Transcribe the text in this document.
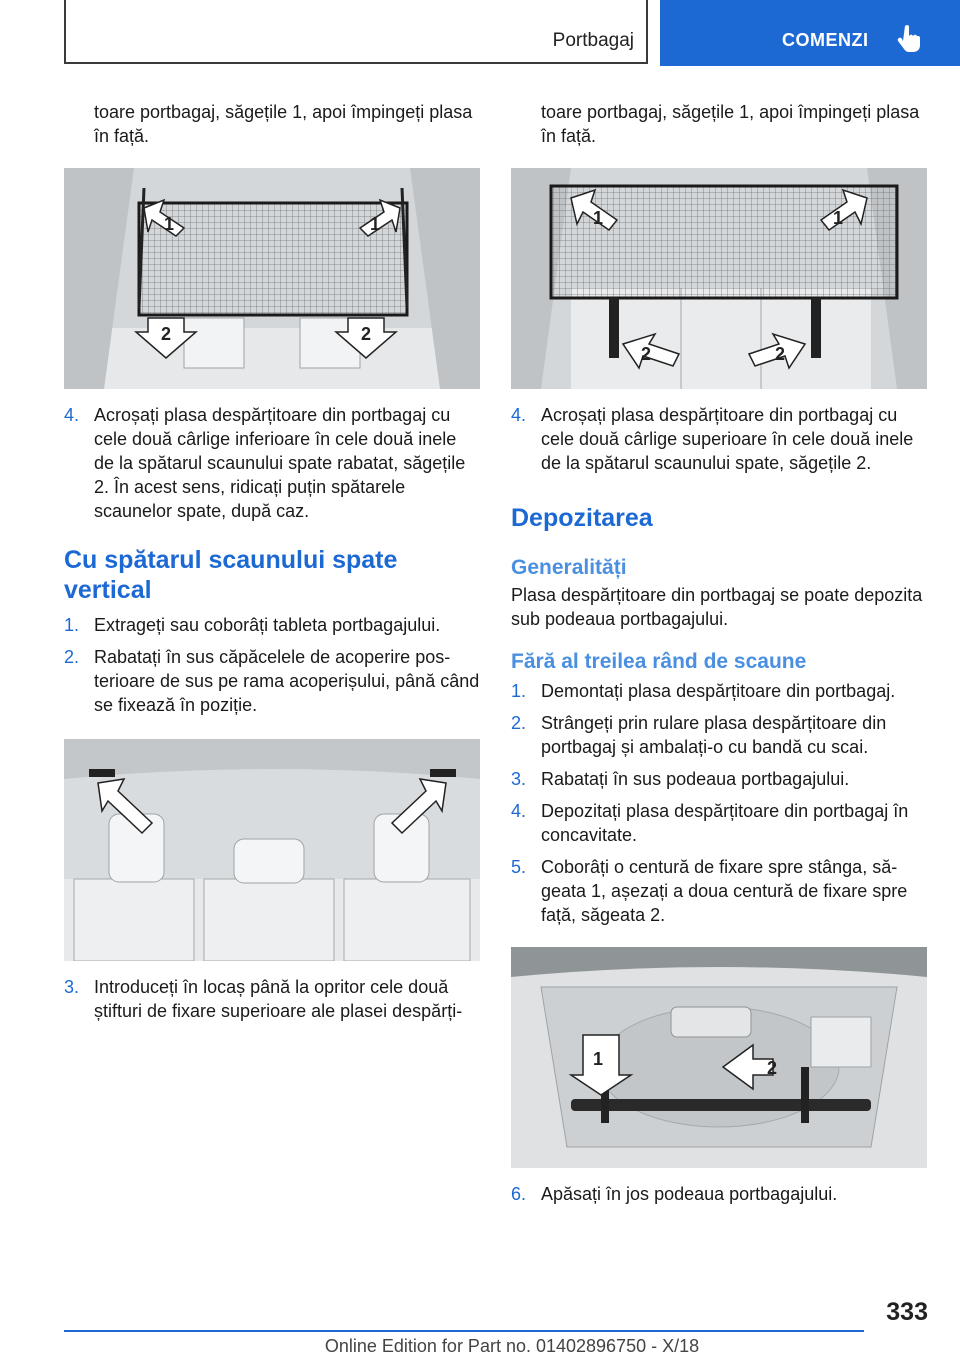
Portbagaj	COMENZI

toare portbagaj, săgețile 1, apoi împingeți plasa în față.

1	1
2	2
4. Acroșați plasa despărțitoare din portbagaj cu cele două cârlige inferioare în cele două inele de la spătarul scaunului spate rabatat, săgețile 2. În acest sens, ridicați puțin spătarele scaunelor spate, după caz.
Cu spătarul scaunului spate vertical
1. Extrageți sau coborâți tableta portbagajului.
2. Rabatați în sus căpăcelele de acoperire posterioare de sus pe rama acoperișului, până când se fixează în poziție.
3. Introduceți în locaș până la opritor cele două știfturi de fixare superioare ale plasei despărți-

toare portbagaj, săgețile 1, apoi împingeți plasa în față.

1	1
2	2
4. Acroșați plasa despărțitoare din portbagaj cu cele două cârlige superioare în cele două inele de la spătarul scaunului spate, săgețile 2.
Depozitarea
Generalități
Plasa despărțitoare din portbagaj se poate depozita sub podeaua portbagajului.
Fără al treilea rând de scaune
1. Demontați plasa despărțitoare din portbagaj.
2. Strângeți prin rulare plasa despărțitoare din portbagaj și ambalați-o cu bandă cu scai.
3. Rabatați în sus podeaua portbagajului.
4. Depozitați plasa despărțitoare din portbagaj în concavitate.
5. Coborâți o centură de fixare spre stânga, săgeata 1, așezați a doua centură de fixare spre față, săgeata 2.
1	2
6. Apăsați în jos podeaua portbagajului.
333
Online Edition for Part no. 01402896750 - X/18
